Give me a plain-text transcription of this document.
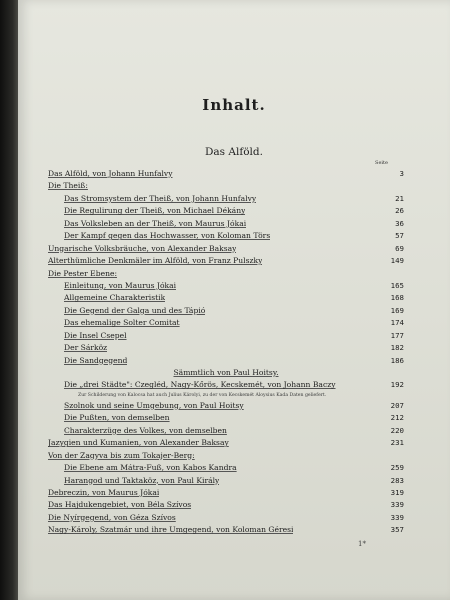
Inhalt.
Das Alföld.
Seite
Das Alföld, von Johann Hunfalvy	3
Die Theiß:
Das Stromsystem der Theiß, von Johann Hunfalvy	21
Die Regulirung der Theiß, von Michael Dékány	26
Das Volksleben an der Theiß, von Maurus Jókai	36
Der Kampf gegen das Hochwasser, von Koloman Törs	57
Ungarische Volksbräuche, von Alexander Baksay	69
Alterthümliche Denkmäler im Alföld, von Franz Pulszky	149
Die Pester Ebene:
Einleitung, von Maurus Jókai	165
Allgemeine Charakteristik	168
Die Gegend der Galga und des Tápió	169
Das ehemalige Solter Comitat	174
Die Insel Csepel	177
Der Sárköz	182
Die Sandgegend	186
Sämmtlich von Paul Hoitsy.
Die „drei Städte": Czegléd, Nagy-Kőrös, Kecskemét, von Johann Baczy	192
Zur Schilderung von Kalocsa hat auch Julius Károlyi, zu der von Kecskemét Aloysius Kada Daten geliefert.
Szolnok und seine Umgebung, von Paul Hoitsy	207
Die Pußten, von demselben	212
Charakterzüge des Volkes, von demselben	220
Jazygien und Kumanien, von Alexander Baksay	231
Von der Zagyva bis zum Tokajer-Berg:
Die Ebene am Mátra-Fuß, von Kabos Kandra	259
Harangod und Taktaköz, von Paul Király	283
Debreczin, von Maurus Jókai	319
Das Hajdukengebiet, von Béla Szívos	339
Die Nyírgegend, von Géza Szívos	339
Nagy-Károly, Szatmár und ihre Umgegend, von Koloman Géresi	357
1*
